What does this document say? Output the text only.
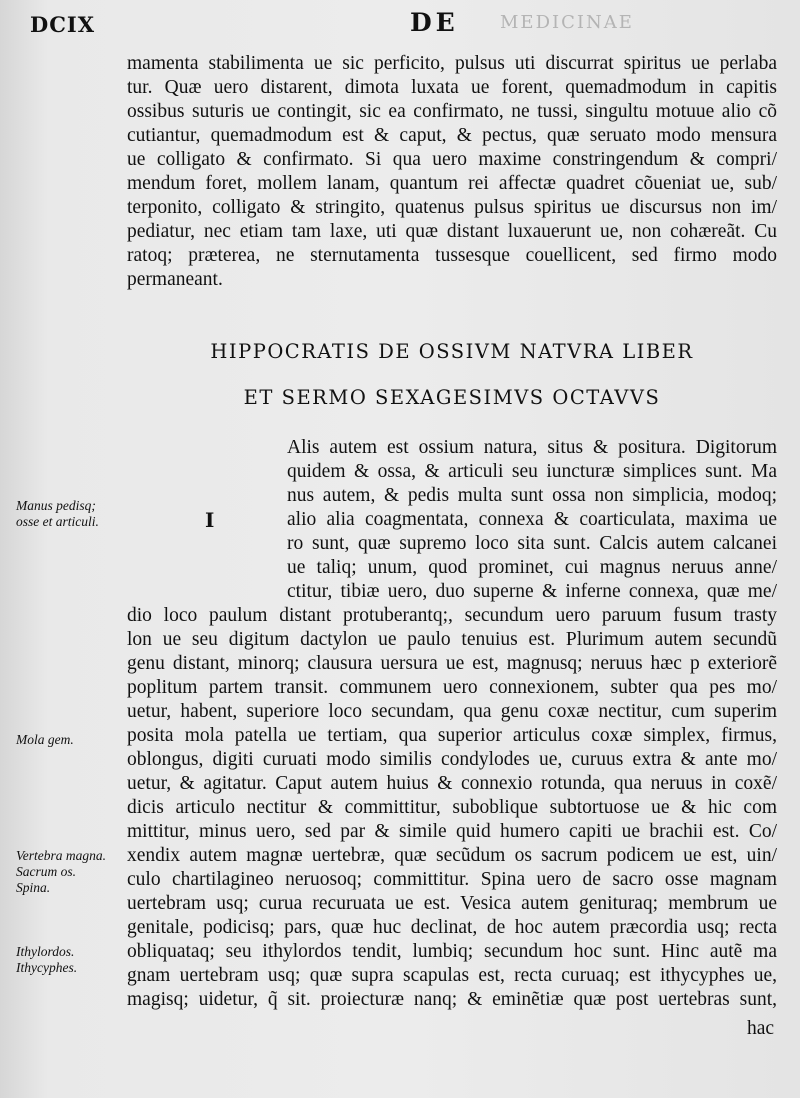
DCIX	DE MEDICINAE
mamenta stabilimenta ue sic perficito, pulsus uti discurrat spiritus ue perlaba
tur. Quæ uero distarent, dimota luxata ue forent, quemadmodum in capitis
ossibus suturis ue contingit, sic ea confirmato, ne tussi, singultu motuue alio cõ
cutiantur, quemadmodum est & caput, & pectus, quæ seruato modo mensura
ue colligato & confirmato. Si qua uero maxime constringendum & compri/
mendum foret, mollem lanam, quantum rei affectæ quadret cõueniat ue, sub/
terponito, colligato & stringito, quatenus pulsus spiritus ue discursus non im/
pediatur, nec etiam tam laxe, uti quæ distant luxauerunt ue, non cohæreãt. Cu
ratoq; præterea, ne sternutamenta tussesque couellicent, sed firmo modo
permaneant.
HIPPOCRATIS DE OSSIVM NATVRA LIBER
ET SERMO SEXAGESIMVS OCTAVVS
I
Alis autem est ossium natura, situs & positura. Digitorum
quidem & ossa, & articuli seu iuncturæ simplices sunt. Ma
nus autem, & pedis multa sunt ossa non simplicia, modoq;
alio alia coagmentata, connexa & coarticulata, maxima ue
ro sunt, quæ supremo loco sita sunt. Calcis autem calcanei
ue taliq; unum, quod prominet, cui magnus neruus anne/
ctitur, tibiæ uero, duo superne & inferne connexa, quæ me/
dio loco paulum distant protuberantq;, secundum uero paruum fusum trasty
lon ue seu digitum dactylon ue paulo tenuius est. Plurimum autem secundũ
genu distant, minorq; clausura uersura ue est, magnusq; neruus hæc p exteriorẽ
poplitum partem transit. communem uero connexionem, subter qua pes mo/
uetur, habent, superiore loco secundam, qua genu coxæ nectitur, cum superim
posita mola patella ue tertiam, qua superior articulus coxæ simplex, firmus,
oblongus, digiti curuati modo similis condylodes ue, curuus extra & ante mo/
uetur, & agitatur. Caput autem huius & connexio rotunda, qua neruus in coxẽ/
dicis articulo nectitur & committitur, suboblique subtortuose ue & hic com
mittitur, minus uero, sed par & simile quid humero capiti ue brachii est. Co/
xendix autem magnæ uertebræ, quæ secũdum os sacrum podicem ue est, uin/
culo chartilagineo neruosoq; committitur. Spina uero de sacro osse magnam
uertebram usq; curua recuruata ue est. Vesica autem genituraq; membrum ue
genitale, podicisq; pars, quæ huc declinat, de hoc autem præcordia usq; recta
obliquataq; seu ithylordos tendit, lumbiq; secundum hoc sunt. Hinc autẽ ma
gnam uertebram usq; quæ supra scapulas est, recta curuaq; est ithycyphes ue,
magisq; uidetur, q̃ sit. proiecturæ nanq; & eminẽtiæ quæ post uertebras sunt,
hac
Manus pedisq;
osse et articuli.
Mola gem.
Vertebra magna.
Sacrum os.
Spina.
Ithylordos.
Ithycyphes.
